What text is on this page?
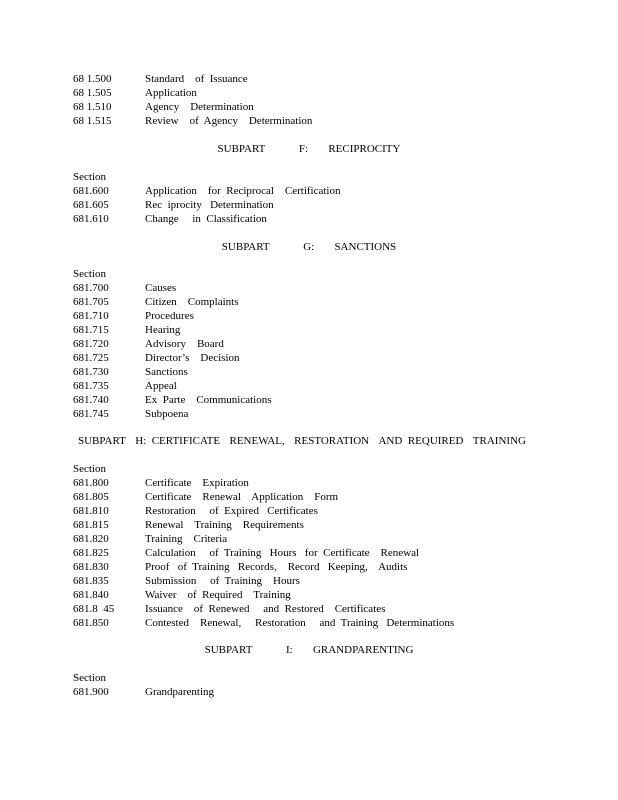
68 1.500	Standard    of  Issuance
68 1.505	Application
68 1.510	Agency    Determination
68 1.515	Review    of  Agency    Determination
SUBPART     F:   RECIPROCITY
Section
681.600	Application    for  Reciprocal    Certification
681.605	Rec  iprocity   Determination
681.610	Change     in  Classification
SUBPART     G:   SANCTIONS
Section
681.700	Causes
681.705	Citizen    Complaints
681.710	Procedures
681.715	Hearing
681.720	Advisory    Board
681.725	Director’s    Decision
681.730	Sanctions
681.735	Appeal
681.740	Ex  Parte    Communications
681.745	Subpoena
SUBPART H:  CERTIFICATE RENEWAL, RESTORATION AND  REQUIRED TRAINING
Section
681.800	Certificate    Expiration
681.805	Certificate    Renewal    Application    Form
681.810	Restoration     of  Expired   Certificates
681.815	Renewal    Training    Requirements
681.820	Training    Criteria
681.825	Calculation     of  Training   Hours   for  Certificate    Renewal
681.830	Proof   of  Training   Records,    Record   Keeping,    Audits
681.835	Submission     of  Training    Hours
681.840	Waiver    of  Required    Training
681.8  45	Issuance    of  Renewed     and  Restored    Certificates
681.850	Contested    Renewal,     Restoration     and  Training   Determinations
SUBPART     I:   GRANDPARENTING
Section
681.900	Grandparenting
